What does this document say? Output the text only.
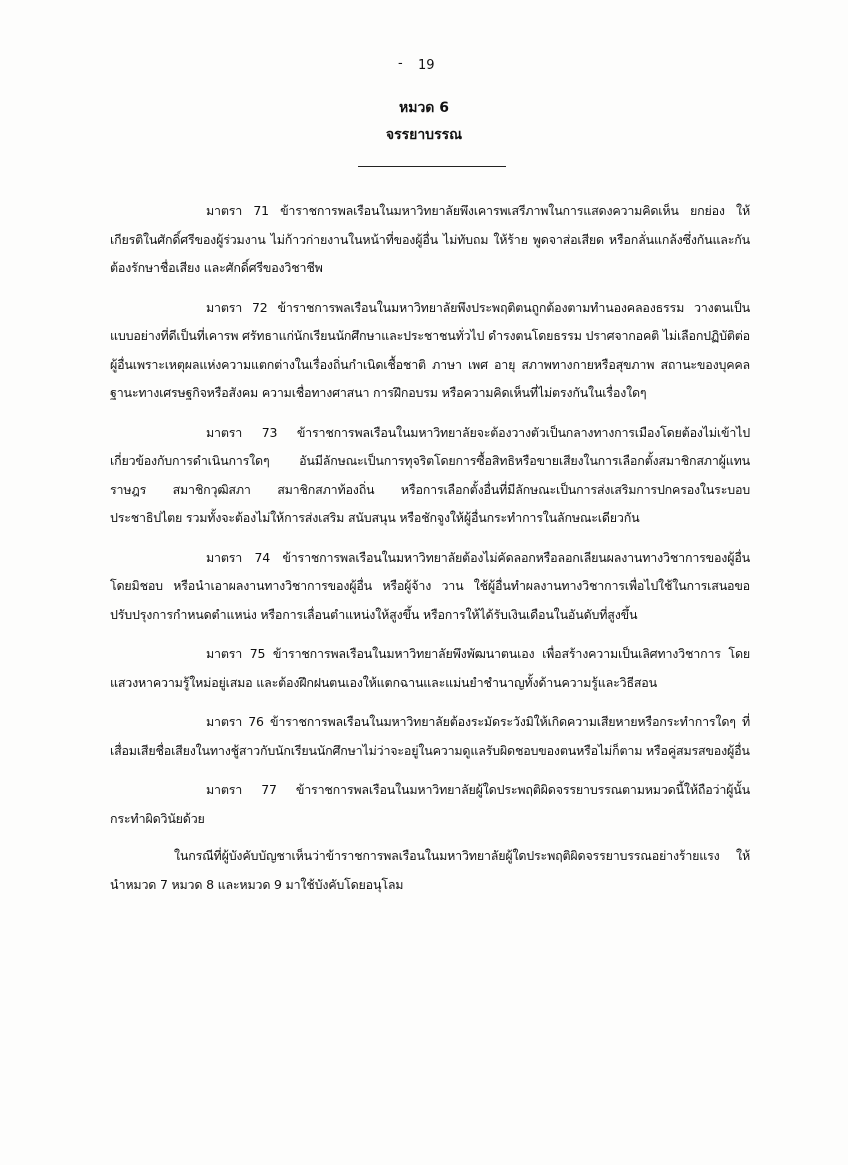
- 19
หมวด 6
จรรยาบรรณ

มาตรา 71 ข้าราชการพลเรือนในมหาวิทยาลัยพึงเคารพเสรีภาพในการแสดงความคิดเห็น ยกย่อง ให้เกียรติในศักดิ์ศรีของผู้ร่วมงาน ไม่ก้าวก่ายงานในหน้าที่ของผู้อื่น ไม่ทับถม ให้ร้าย พูดจาส่อเสียด หรือกลั่นแกล้งซึ่งกันและกัน ต้องรักษาชื่อเสียง และศักดิ์ศรีของวิชาชีพ

มาตรา 72 ข้าราชการพลเรือนในมหาวิทยาลัยพึงประพฤติตนถูกต้องตามทำนองคลองธรรม วางตนเป็นแบบอย่างที่ดีเป็นที่เคารพ ศรัทธาแก่นักเรียนนักศึกษาและประชาชนทั่วไป ดำรงตนโดยธรรม ปราศจากอคติ ไม่เลือกปฏิบัติต่อผู้อื่นเพราะเหตุผลแห่งความแตกต่างในเรื่องถิ่นกำเนิดเชื้อชาติ ภาษา เพศ อายุ สภาพทางกายหรือสุขภาพ สถานะของบุคคล ฐานะทางเศรษฐกิจหรือสังคม ความเชื่อทางศาสนา การฝึกอบรม หรือความคิดเห็นที่ไม่ตรงกันในเรื่องใดๆ

มาตรา 73 ข้าราชการพลเรือนในมหาวิทยาลัยจะต้องวางตัวเป็นกลางทางการเมืองโดยต้องไม่เข้าไปเกี่ยวข้องกับการดำเนินการใดๆ อันมีลักษณะเป็นการทุจริตโดยการซื้อสิทธิหรือขายเสียงในการเลือกตั้งสมาชิกสภาผู้แทนราษฎร สมาชิกวุฒิสภา สมาชิกสภาท้องถิ่น หรือการเลือกตั้งอื่นที่มีลักษณะเป็นการส่งเสริมการปกครองในระบอบประชาธิปไตย รวมทั้งจะต้องไม่ให้การส่งเสริม สนับสนุน หรือชักจูงให้ผู้อื่นกระทำการในลักษณะเดียวกัน

มาตรา 74 ข้าราชการพลเรือนในมหาวิทยาลัยต้องไม่คัดลอกหรือลอกเลียนผลงานทางวิชาการของผู้อื่นโดยมิชอบ หรือนำเอาผลงานทางวิชาการของผู้อื่น หรือผู้จ้าง วาน ใช้ผู้อื่นทำผลงานทางวิชาการเพื่อไปใช้ในการเสนอขอปรับปรุงการกำหนดตำแหน่ง หรือการเลื่อนตำแหน่งให้สูงขึ้น หรือการให้ได้รับเงินเดือนในอันดับที่สูงขึ้น

มาตรา 75 ข้าราชการพลเรือนในมหาวิทยาลัยพึงพัฒนาตนเอง เพื่อสร้างความเป็นเลิศทางวิชาการ โดยแสวงหาความรู้ใหม่อยู่เสมอ และต้องฝึกฝนตนเองให้แตกฉานและแม่นยำชำนาญทั้งด้านความรู้และวิธีสอน

มาตรา 76 ข้าราชการพลเรือนในมหาวิทยาลัยต้องระมัดระวังมิให้เกิดความเสียหายหรือกระทำการใดๆ ที่เสื่อมเสียชื่อเสียงในทางชู้สาวกับนักเรียนนักศึกษาไม่ว่าจะอยู่ในความดูแลรับผิดชอบของตนหรือไม่ก็ตาม หรือคู่สมรสของผู้อื่น

มาตรา 77 ข้าราชการพลเรือนในมหาวิทยาลัยผู้ใดประพฤติผิดจรรยาบรรณตามหมวดนี้ให้ถือว่าผู้นั้นกระทำผิดวินัยด้วย

ในกรณีที่ผู้บังคับบัญชาเห็นว่าข้าราชการพลเรือนในมหาวิทยาลัยผู้ใดประพฤติผิดจรรยาบรรณอย่างร้ายแรง ให้นำหมวด 7 หมวด 8 และหมวด 9 มาใช้บังคับโดยอนุโลม
